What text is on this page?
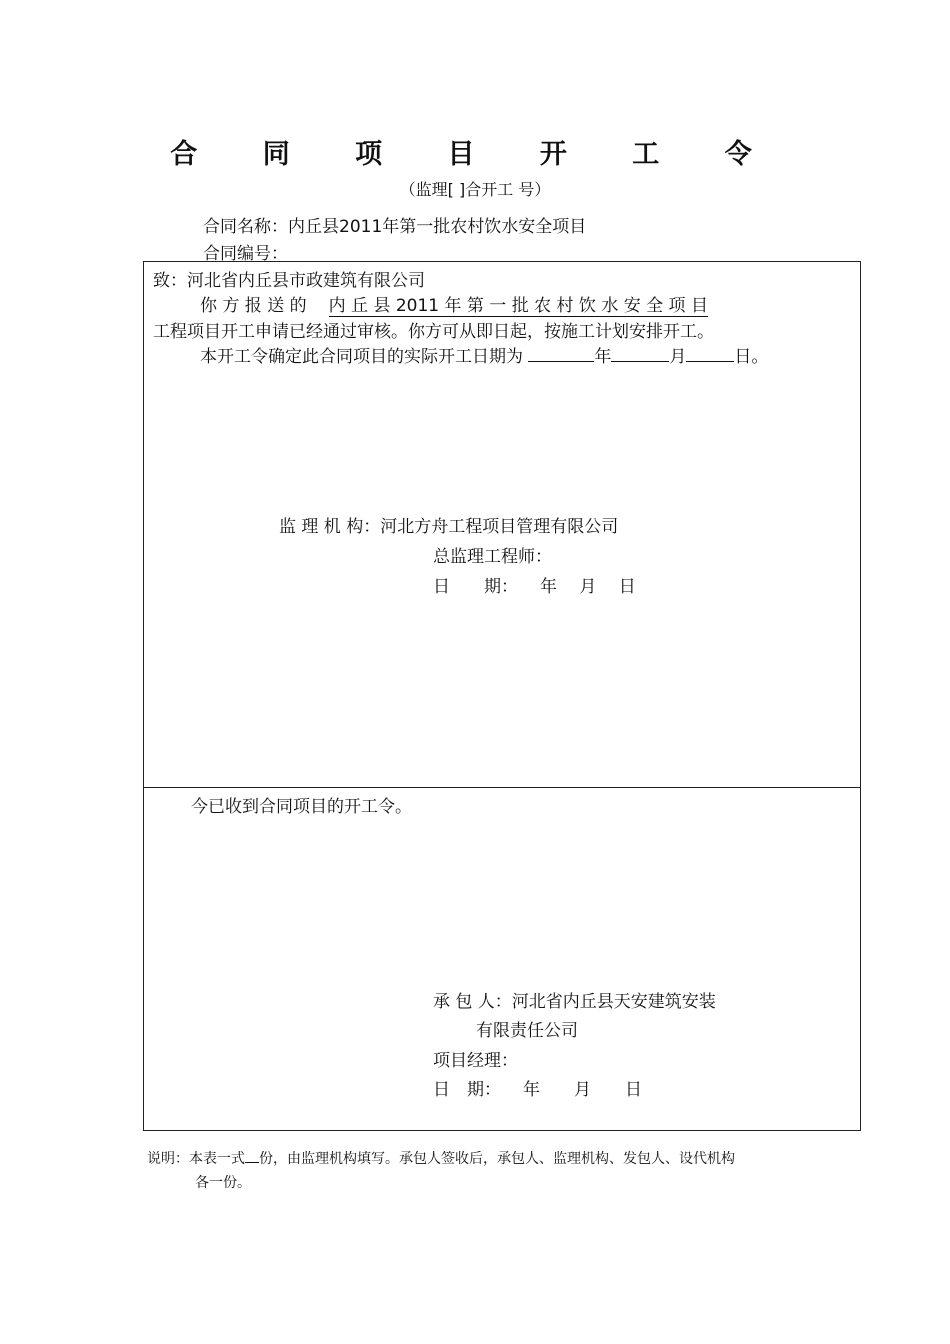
合 同 项 目 开 工 令
（监理[ ]合开工 号）
合同名称：内丘县2011年第一批农村饮水安全项目
合同编号：
致：河北省内丘县市政建筑有限公司
你 方 报 送 的 内 丘 县 2011 年 第 一 批 农 村 饮 水 安 全 项 目
工程项目开工申请已经通过审核。你方可从即日起，按施工计划安排开工。
本开工令确定此合同项目的实际开工日期为	年	月	日。
监 理 机 构：河北方舟工程项目管理有限公司
总监理工程师：
日　　期： 年　 月　 日
今已收到合同项目的开工令。
承 包 人：河北省内丘县天安建筑安装
有限责任公司
项目经理：
日　期： 年　　月　　日
说明：本表一式 份，由监理机构填写。承包人签收后，承包人、监理机构、发包人、设代机构
各一份。
